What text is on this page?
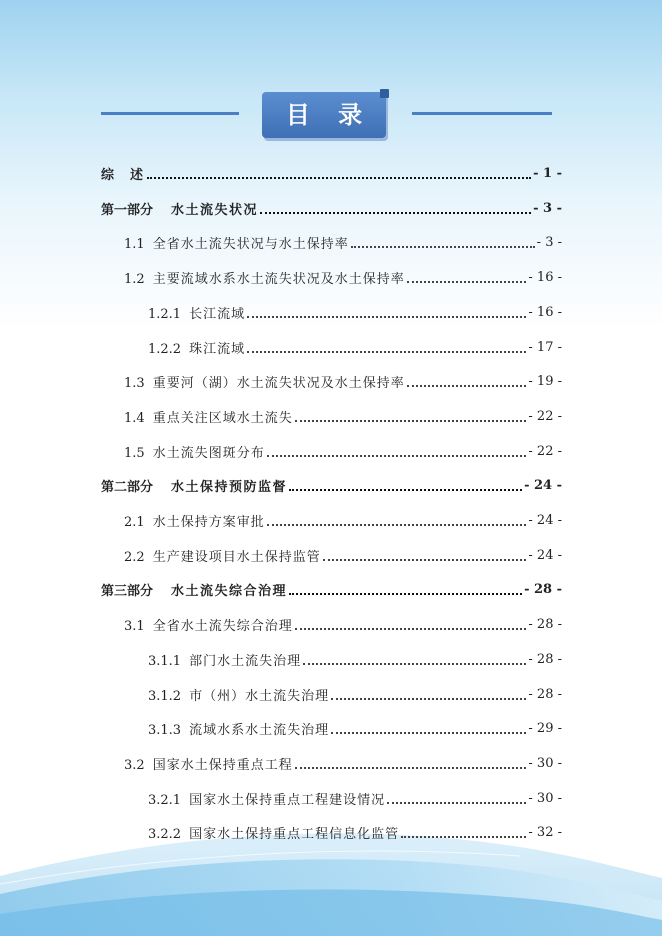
目 录
综　述	- 1 -
第一部分 水土流失状况	- 3 -
1.1 全省水土流失状况与水土保持率	- 3 -
1.2 主要流域水系水土流失状况及水土保持率	- 16 -
1.2.1 长江流域	- 16 -
1.2.2 珠江流域	- 17 -
1.3 重要河（湖）水土流失状况及水土保持率	- 19 -
1.4 重点关注区域水土流失	- 22 -
1.5 水土流失图斑分布	- 22 -
第二部分 水土保持预防监督	- 24 -
2.1 水土保持方案审批	- 24 -
2.2 生产建设项目水土保持监管	- 24 -
第三部分 水土流失综合治理	- 28 -
3.1 全省水土流失综合治理	- 28 -
3.1.1 部门水土流失治理	- 28 -
3.1.2 市（州）水土流失治理	- 28 -
3.1.3 流域水系水土流失治理	- 29 -
3.2 国家水土保持重点工程	- 30 -
3.2.1 国家水土保持重点工程建设情况	- 30 -
3.2.2 国家水土保持重点工程信息化监管	- 32 -
